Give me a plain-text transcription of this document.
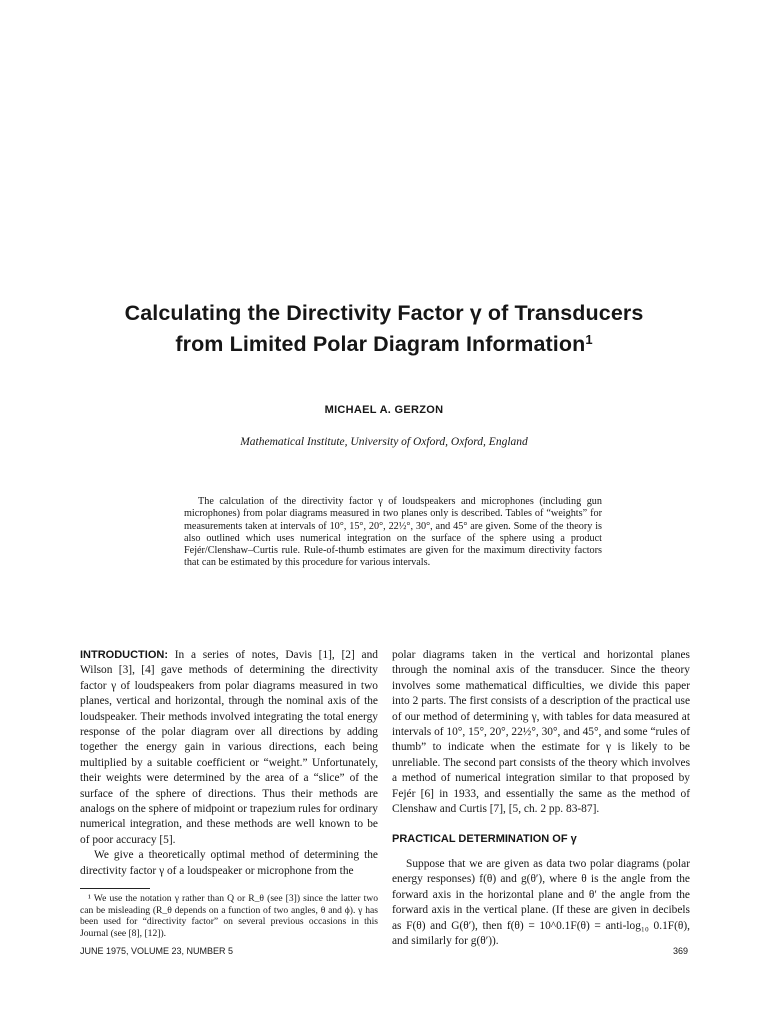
Calculating the Directivity Factor γ of Transducers
from Limited Polar Diagram Information$^1$
MICHAEL A. GERZON
Mathematical Institute, University of Oxford, Oxford, England

The calculation of the directivity factor γ of loudspeakers and microphones (including gun microphones) from polar diagrams measured in two planes only is described. Tables of “weights” for measurements taken at intervals of 10°, 15°, 20°, 22½°, 30°, and 45° are given. Some of the theory is also outlined which uses numerical integration on the surface of the sphere using a product Fejér/Clenshaw–Curtis rule. Rule-of-thumb estimates are given for the maximum directivity factors that can be estimated by this procedure for various intervals.

INTRODUCTION: In a series of notes, Davis [1], [2] and Wilson [3], [4] gave methods of determining the directivity factor γ of loudspeakers from polar diagrams measured in two planes, vertical and horizontal, through the nominal axis of the loudspeaker. Their methods involved integrating the total energy response of the polar diagram over all directions by adding together the energy gain in various directions, each being multiplied by a suitable coefficient or “weight.” Unfortunately, their weights were determined by the area of a “slice” of the surface of the sphere of directions. Thus their methods are analogs on the sphere of midpoint or trapezium rules for ordinary numerical integration, and these methods are well known to be of poor accuracy [5].

We give a theoretically optimal method of determining the directivity factor γ of a loudspeaker or microphone from the

polar diagrams taken in the vertical and horizontal planes through the nominal axis of the transducer. Since the theory involves some mathematical difficulties, we divide this paper into 2 parts. The first consists of a description of the practical use of our method of determining γ, with tables for data measured at intervals of 10°, 15°, 20°, 22½°, 30°, and 45°, and some “rules of thumb” to indicate when the estimate for γ is likely to be unreliable. The second part consists of the theory which involves a method of numerical integration similar to that proposed by Fejér [6] in 1933, and essentially the same as the method of Clenshaw and Curtis [7], [5, ch. 2 pp. 83-87].

PRACTICAL DETERMINATION OF γ

Suppose that we are given as data two polar diagrams (polar energy responses) f(θ) and g(θ′), where θ is the angle from the forward axis in the horizontal plane and θ′ the angle from the forward axis in the vertical plane. (If these are given in decibels as F(θ) and G(θ′), then f(θ) = 10^0.1F(θ) = anti-log₁₀ 0.1F(θ), and similarly for g(θ′)).

¹ We use the notation γ rather than Q or R_θ (see [3]) since the latter two can be misleading (R_θ depends on a function of two angles, θ and ϕ). γ has been used for “directivity factor” on several previous occasions in this Journal (see [8], [12]).

JUNE 1975, VOLUME 23, NUMBER 5	369
